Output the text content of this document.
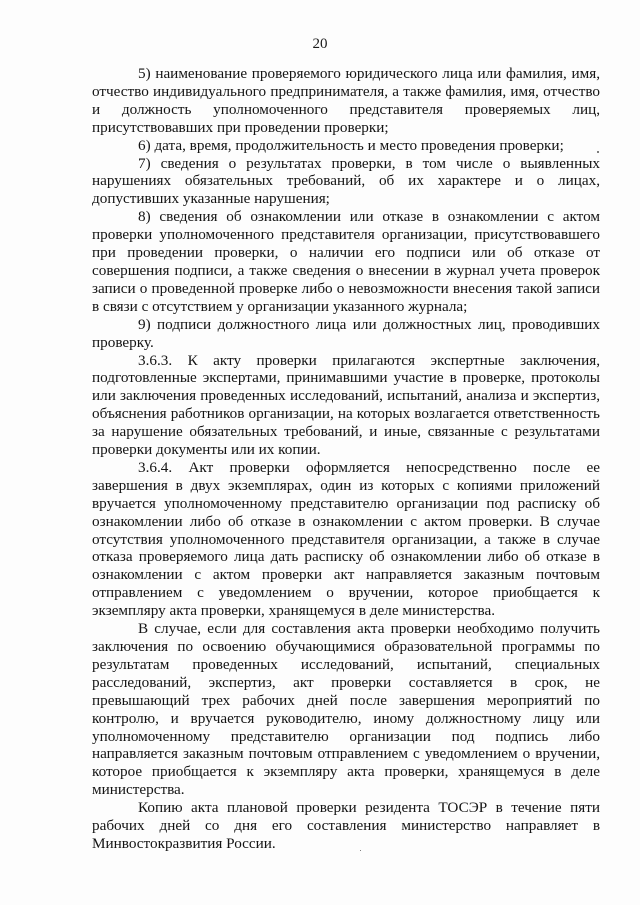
20

5) наименование проверяемого юридического лица или фамилия, имя, отчество индивидуального предпринимателя, а также фамилия, имя, отчество и должность уполномоченного представителя проверяемых лиц, присутствовавших при проведении проверки;

6) дата, время, продолжительность и место проведения проверки;

7) сведения о результатах проверки, в том числе о выявленных нарушениях обязательных требований, об их характере и о лицах, допустивших указанные нарушения;

8) сведения об ознакомлении или отказе в ознакомлении с актом проверки уполномоченного представителя организации, присутствовавшего при проведении проверки, о наличии его подписи или об отказе от совершения подписи, а также сведения о внесении в журнал учета проверок записи о проведенной проверке либо о невозможности внесения такой записи в связи с отсутствием у организации указанного журнала;

9) подписи должностного лица или должностных лиц, проводивших проверку.

3.6.3. К акту проверки прилагаются экспертные заключения, подготовленные экспертами, принимавшими участие в проверке, протоколы или заключения проведенных исследований, испытаний, анализа и экспертиз, объяснения работников организации, на которых возлагается ответственность за нарушение обязательных требований, и иные, связанные с результатами проверки документы или их копии.

3.6.4. Акт проверки оформляется непосредственно после ее завершения в двух экземплярах, один из которых с копиями приложений вручается уполномоченному представителю организации под расписку об ознакомлении либо об отказе в ознакомлении с актом проверки. В случае отсутствия уполномоченного представителя организации, а также в случае отказа проверяемого лица дать расписку об ознакомлении либо об отказе в ознакомлении с актом проверки акт направляется заказным почтовым отправлением с уведомлением о вручении, которое приобщается к экземпляру акта проверки, хранящемуся в деле министерства.

В случае, если для составления акта проверки необходимо получить заключения по освоению обучающимися образовательной программы по результатам проведенных исследований, испытаний, специальных расследований, экспертиз, акт проверки составляется в срок, не превышающий трех рабочих дней после завершения мероприятий по контролю, и вручается руководителю, иному должностному лицу или уполномоченному представителю организации под подпись либо направляется заказным почтовым отправлением с уведомлением о вручении, которое приобщается к экземпляру акта проверки, хранящемуся в деле министерства.

Копию акта плановой проверки резидента ТОСЭР в течение пяти рабочих дней со дня его составления министерство направляет в Минвостокразвития России.
